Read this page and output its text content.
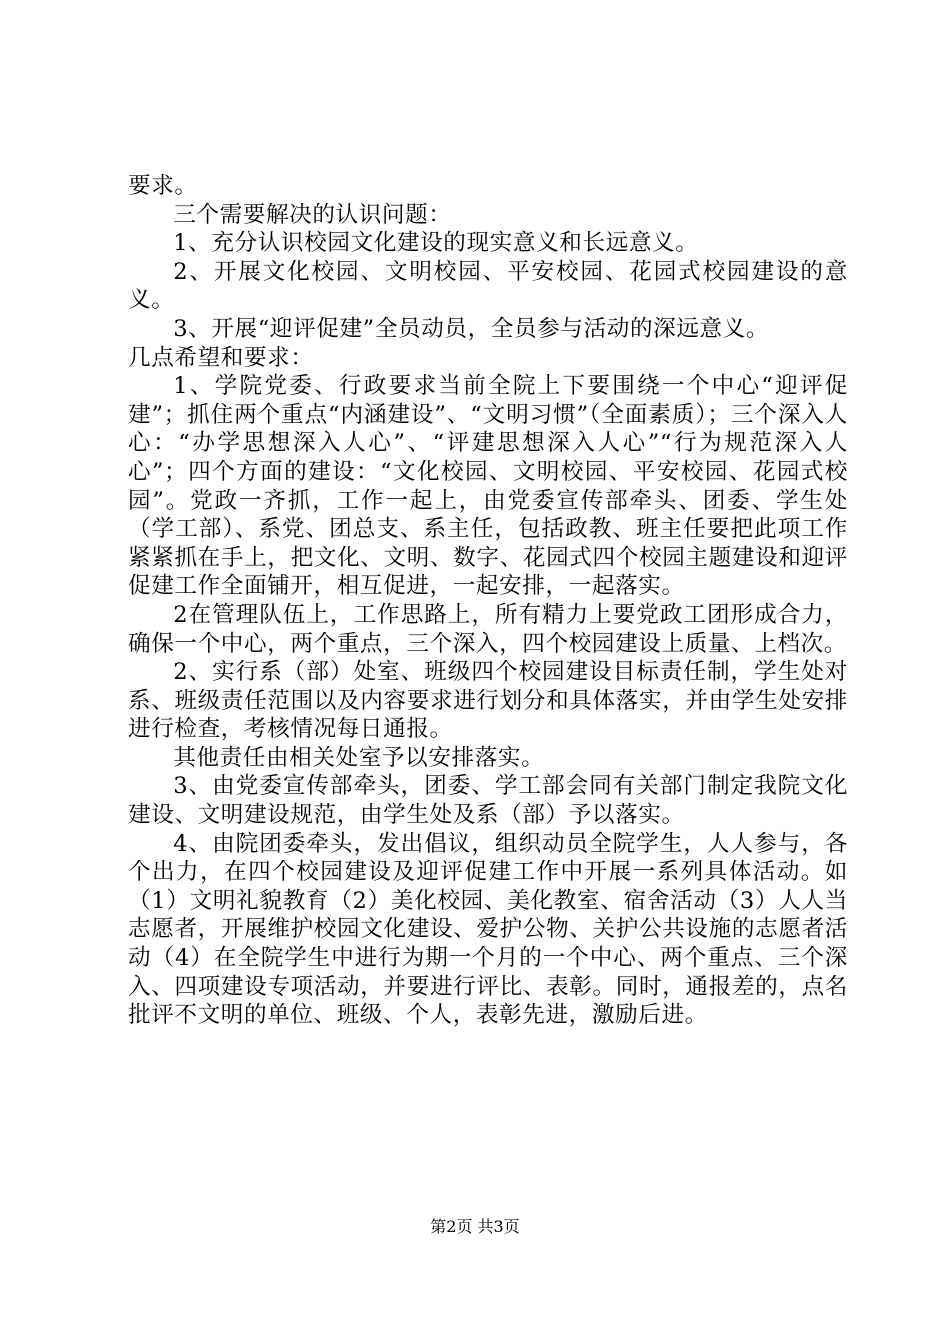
要求。

三个需要解决的认识问题：

1、充分认识校园文化建设的现实意义和长远意义。

2、开展文化校园、文明校园、平安校园、花园式校园建设的意义。

3、开展“迎评促建”全员动员，全员参与活动的深远意义。

几点希望和要求：

1、学院党委、行政要求当前全院上下要围绕一个中心“迎评促建”；抓住两个重点“内涵建设”、“文明习惯”（全面素质）；三个深入人心：“办学思想深入人心”、“评建思想深入人心”“行为规范深入人心”；四个方面的建设：“文化校园、文明校园、平安校园、花园式校园”。党政一齐抓，工作一起上，由党委宣传部牵头、团委、学生处（学工部）、系党、团总支、系主任，包括政教、班主任要把此项工作紧紧抓在手上，把文化、文明、数字、花园式四个校园主题建设和迎评促建工作全面铺开，相互促进，一起安排，一起落实。

2在管理队伍上，工作思路上，所有精力上要党政工团形成合力，确保一个中心，两个重点，三个深入，四个校园建设上质量、上档次。

2、实行系（部）处室、班级四个校园建设目标责任制，学生处对系、班级责任范围以及内容要求进行划分和具体落实，并由学生处安排进行检查，考核情况每日通报。

其他责任由相关处室予以安排落实。

3、由党委宣传部牵头，团委、学工部会同有关部门制定我院文化建设、文明建设规范，由学生处及系（部）予以落实。

4、由院团委牵头，发出倡议，组织动员全院学生，人人参与，各个出力，在四个校园建设及迎评促建工作中开展一系列具体活动。如（1）文明礼貌教育（2）美化校园、美化教室、宿舍活动（3）人人当志愿者，开展维护校园文化建设、爱护公物、关护公共设施的志愿者活动（4）在全院学生中进行为期一个月的一个中心、两个重点、三个深入、四项建设专项活动，并要进行评比、表彰。同时，通报差的，点名批评不文明的单位、班级、个人，表彰先进，激励后进。

第2页 共3页
